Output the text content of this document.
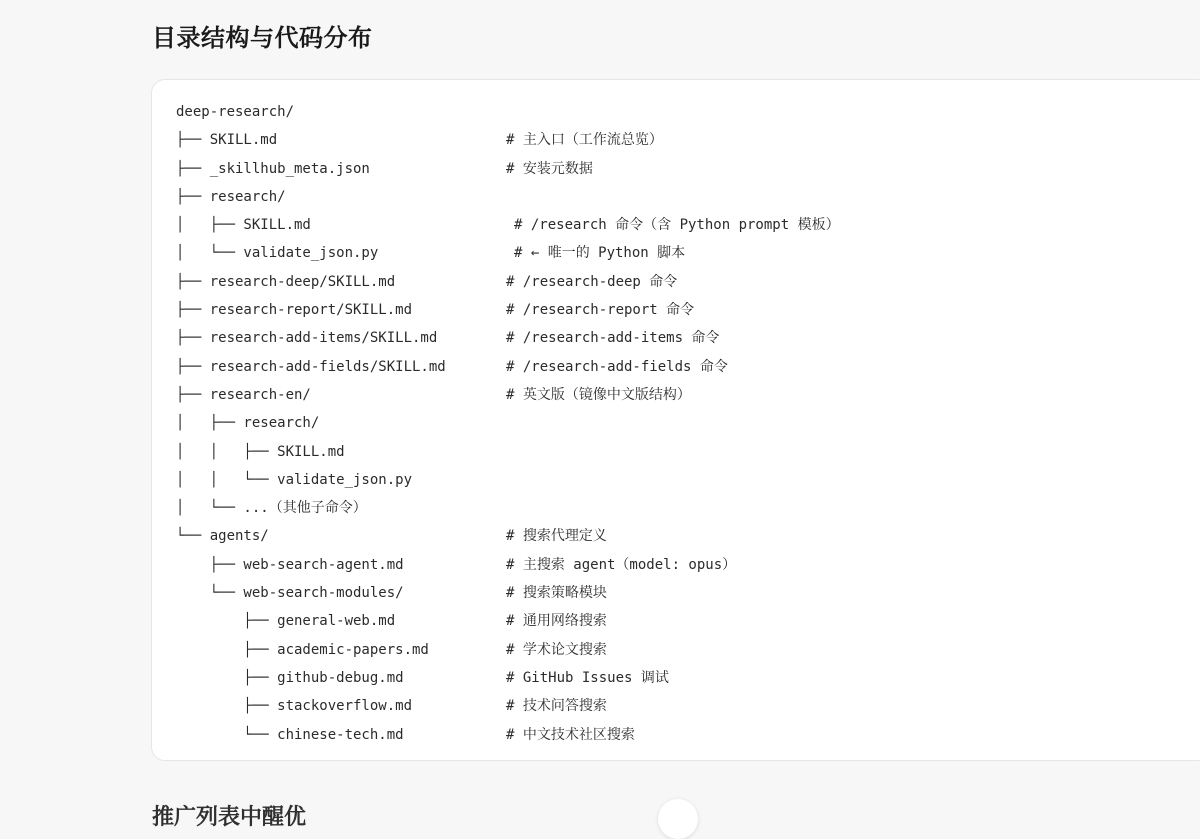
目录结构与代码分布
deep-research/
├── SKILL.md	# 主入口（工作流总览）
├── _skillhub_meta.json	# 安装元数据
├── research/
│   ├── SKILL.md	# /research 命令（含 Python prompt 模板）
│   └── validate_json.py	# ← 唯一的 Python 脚本
├── research-deep/SKILL.md	# /research-deep 命令
├── research-report/SKILL.md	# /research-report 命令
├── research-add-items/SKILL.md	# /research-add-items 命令
├── research-add-fields/SKILL.md	# /research-add-fields 命令
├── research-en/	# 英文版（镜像中文版结构）
│   ├── research/
│   │   ├── SKILL.md
│   │   └── validate_json.py
│   └── ...（其他子命令）
└── agents/	# 搜索代理定义
├── web-search-agent.md	# 主搜索 agent（model: opus）
└── web-search-modules/	# 搜索策略模块
├── general-web.md	# 通用网络搜索
├── academic-papers.md	# 学术论文搜索
├── github-debug.md	# GitHub Issues 调试
├── stackoverflow.md	# 技术问答搜索
└── chinese-tech.md	# 中文技术社区搜索
推广列表中醒优
